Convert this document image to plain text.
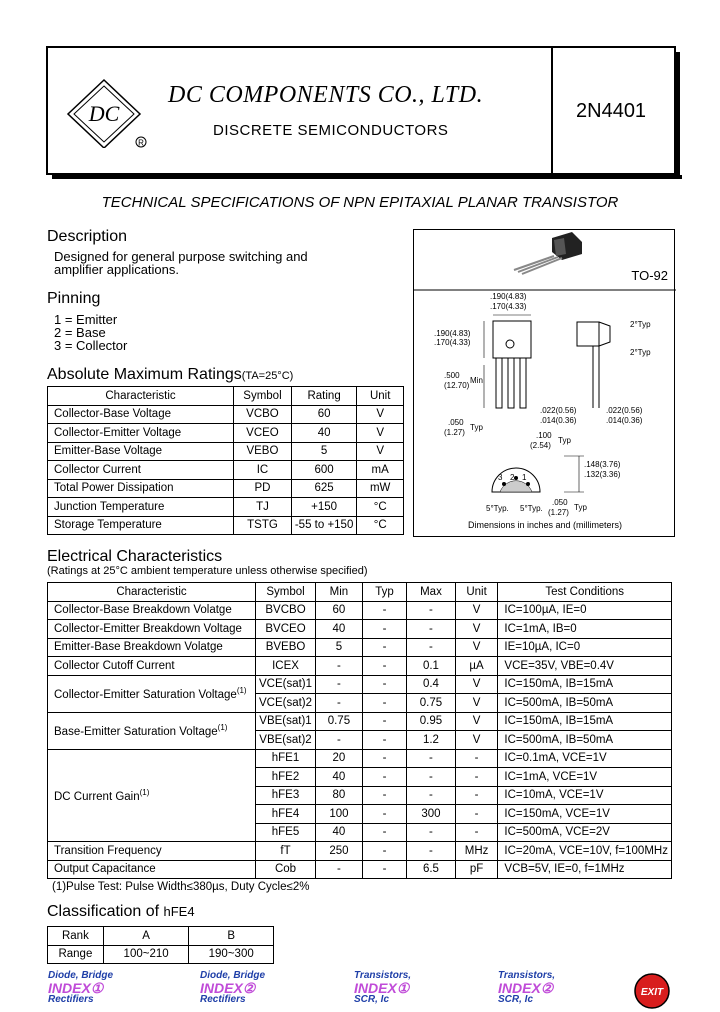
DC
R
DC COMPONENTS CO., LTD.
DISCRETE SEMICONDUCTORS
2N4401
TECHNICAL SPECIFICATIONS OF NPN EPITAXIAL PLANAR TRANSISTOR
Description
Designed for general purpose switching and
amplifier applications.
Pinning
1 = Emitter
2 = Base
3 = Collector
TO-92
.190(4.83)
.170(4.33)
.190(4.83)
.170(4.33)
.500
(12.70)
Min
.022(0.56)
.014(0.36)
.050
(1.27)
Typ
.100
(2.54)
Typ
2°Typ
2°Typ
.022(0.56)
.014(0.36)
.148(3.76)
.132(3.36)
.050
(1.27)
Typ
5°Typ. 5°Typ.
3 2 1
Dimensions in inches and (millimeters)
Absolute Maximum Ratings(TA=25°C)
Characteristic	Symbol	Rating	Unit
Collector-Base Voltage	VCBO	60	V
Collector-Emitter Voltage	VCEO	40	V
Emitter-Base Voltage	VEBO	5	V
Collector Current	IC	600	mA
Total Power Dissipation	PD	625	mW
Junction Temperature	TJ	+150	°C
Storage Temperature	TSTG	-55 to +150	°C
Electrical Characteristics
(Ratings at 25°C ambient temperature unless otherwise specified)
Characteristic	Symbol	Min	Typ	Max	Unit	Test Conditions
Collector-Base Breakdown Volatge	BVCBO	60	-	-	V	IC=100µA, IE=0
Collector-Emitter Breakdown Voltage	BVCEO	40	-	-	V	IC=1mA, IB=0
Emitter-Base Breakdown Volatge	BVEBO	5	-	-	V	IE=10µA, IC=0
Collector Cutoff Current	ICEX	-	-	0.1	µA	VCE=35V, VBE=0.4V
Collector-Emitter Saturation Voltage$^{(1)}$	VCE(sat)1	-	-	0.4	V	IC=150mA, IB=15mA
	VCE(sat)2	-	-	0.75	V	IC=500mA, IB=50mA
Base-Emitter Saturation Voltage$^{(1)}$	VBE(sat)1	0.75	-	0.95	V	IC=150mA, IB=15mA
	VBE(sat)2	-	-	1.2	V	IC=500mA, IB=50mA
DC Current Gain$^{(1)}$	hFE1	20	-	-	-	IC=0.1mA, VCE=1V
	hFE2	40	-	-	-	IC=1mA, VCE=1V
	hFE3	80	-	-	-	IC=10mA, VCE=1V
	hFE4	100	-	300	-	IC=150mA, VCE=1V
	hFE5	40	-	-	-	IC=500mA, VCE=2V
Transition Frequency	fT	250	-	-	MHz	IC=20mA, VCE=10V, f=100MHz
Output Capacitance	Cob	-	-	6.5	pF	VCB=5V, IE=0, f=1MHz
(1)Pulse Test: Pulse Width≤380µs, Duty Cycle≤2%
Classification of hFE4
Rank	A	B
Range	100~210	190~300
Diode, Bridge
INDEX①
Rectifiers
Diode, Bridge
INDEX②
Rectifiers
Transistors,
INDEX①
SCR, Ic
Transistors,
INDEX②
SCR, Ic
EXIT
